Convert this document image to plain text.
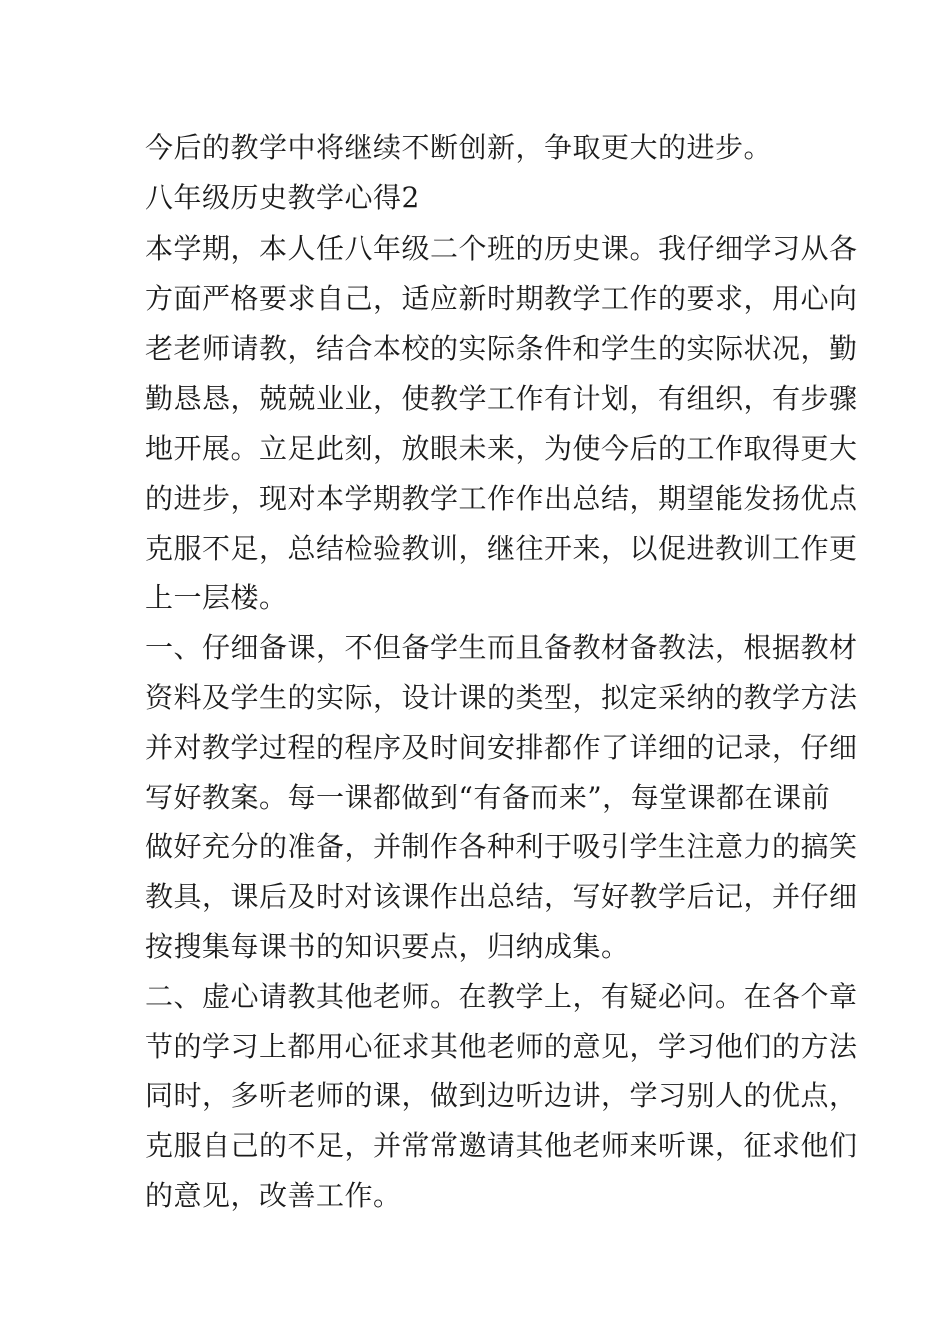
今后的教学中将继续不断创新，争取更大的进步。

八年级历史教学心得2

本学期，本人任八年级二个班的历史课。我仔细学习从各

方面严格要求自己，适应新时期教学工作的要求，用心向

老老师请教，结合本校的实际条件和学生的实际状况，勤

勤恳恳，兢兢业业，使教学工作有计划，有组织，有步骤

地开展。立足此刻，放眼未来，为使今后的工作取得更大

的进步，现对本学期教学工作作出总结，期望能发扬优点

克服不足，总结检验教训，继往开来，以促进教训工作更

上一层楼。

一、仔细备课，不但备学生而且备教材备教法，根据教材

资料及学生的实际，设计课的类型，拟定采纳的教学方法

并对教学过程的程序及时间安排都作了详细的记录，仔细

写好教案。每一课都做到“有备而来”，每堂课都在课前

做好充分的准备，并制作各种利于吸引学生注意力的搞笑

教具，课后及时对该课作出总结，写好教学后记，并仔细

按搜集每课书的知识要点，归纳成集。

二、虚心请教其他老师。在教学上，有疑必问。在各个章

节的学习上都用心征求其他老师的意见，学习他们的方法

同时，多听老师的课，做到边听边讲，学习别人的优点，

克服自己的不足，并常常邀请其他老师来听课，征求他们

的意见，改善工作。
